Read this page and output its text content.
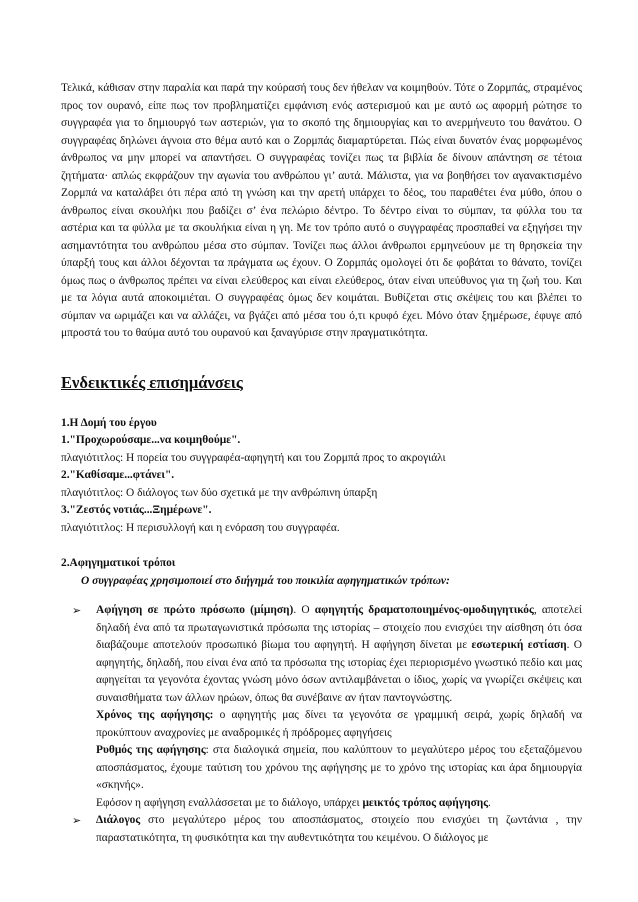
Τελικά, κάθισαν στην παραλία και παρά την κούρασή τους δεν ήθελαν να κοιμηθούν. Τότε ο Ζορμπάς, στραμένος προς τον ουρανό, είπε πως τον προβληματίζει εμφάνιση ενός αστερισμού και με αυτό ως αφορμή ρώτησε το συγγραφέα για το δημιουργό των αστεριών, για το σκοπό της δημιουργίας και το ανερμήνευτο του θανάτου. Ο συγγραφέας δηλώνει άγνοια στο θέμα αυτό και ο Ζορμπάς διαμαρτύρεται. Πώς είναι δυνατόν ένας μορφωμένος άνθρωπος να μην μπορεί να απαντήσει. Ο συγγραφέας τονίζει πως τα βιβλία δε δίνουν απάντηση σε τέτοια ζητήματα· απλώς εκφράζουν την αγωνία του ανθρώπου γι’ αυτά. Μάλιστα, για να βοηθήσει τον αγανακτισμένο Ζορμπά να καταλάβει ότι πέρα από τη γνώση και την αρετή υπάρχει το δέος, του παραθέτει ένα μύθο, όπου ο άνθρωπος είναι σκουλήκι που βαδίζει σ’ ένα πελώριο δέντρο. Το δέντρο είναι το σύμπαν, τα φύλλα του τα αστέρια και τα φύλλα με τα σκουλήκια είναι η γη. Με τον τρόπο αυτό ο συγγραφέας προσπαθεί να εξηγήσει την ασημαντότητα του ανθρώπου μέσα στο σύμπαν. Τονίζει πως άλλοι άνθρωποι ερμηνεύουν με τη θρησκεία την ύπαρξή τους και άλλοι δέχονται τα πράγματα ως έχουν. Ο Ζορμπάς ομολογεί ότι δε φοβάται το θάνατο, τονίζει όμως πως ο άνθρωπος πρέπει να είναι ελεύθερος και είναι ελεύθερος, όταν είναι υπεύθυνος για τη ζωή του. Και με τα λόγια αυτά αποκοιμιέται. Ο συγγραφέας όμως δεν κοιμάται. Βυθίζεται στις σκέψεις του και βλέπει το σύμπαν να ωριμάζει και να αλλάζει, να βγάζει από μέσα του ό,τι κρυφό έχει. Μόνο όταν ξημέρωσε, έφυγε από μπροστά του το θαύμα αυτό του ουρανού και ξαναγύρισε στην πραγματικότητα.

Ενδεικτικές επισημάνσεις

1.Η Δομή του έργου

1."Προχωρούσαμε...να κοιμηθούμε".

πλαγιότιτλος: Η πορεία του συγγραφέα-αφηγητή και του Ζορμπά προς το ακρογιάλι

2."Καθίσαμε...φτάνει".

πλαγιότιτλος: Ο διάλογος των δύο σχετικά με την ανθρώπινη ύπαρξη

3."Ζεστός νοτιάς...Ξημέρωνε".

πλαγιότιτλος: Η περισυλλογή και η ενόραση του συγγραφέα.

2.Αφηγηματικοί τρόποι

Ο συγγραφέας χρησιμοποιεί στο διήγημά του ποικιλία αφηγηματικών τρόπων:

➢	Αφήγηση σε πρώτο πρόσωπο (μίμηση). Ο αφηγητής δραματοποιημένος-ομοδιηγητικός, αποτελεί δηλαδή ένα από τα πρωταγωνιστικά πρόσωπα της ιστορίας – στοιχείο που ενισχύει την αίσθηση ότι όσα διαβάζουμε αποτελούν προσωπικό βίωμα του αφηγητή. Η αφήγηση δίνεται με εσωτερική εστίαση. Ο αφηγητής, δηλαδή, που είναι ένα από τα πρόσωπα της ιστορίας έχει περιορισμένο γνωστικό πεδίο και μας αφηγείται τα γεγονότα έχοντας γνώση μόνο όσων αντιλαμβάνεται ο ίδιος, χωρίς να γνωρίζει σκέψεις και συναισθήματα των άλλων ηρώων, όπως θα συνέβαινε αν ήταν παντογνώστης.

Χρόνος της αφήγησης: ο αφηγητής μας δίνει τα γεγονότα σε γραμμική σειρά, χωρίς δηλαδή να προκύπτουν αναχρονίες με αναδρομικές ή πρόδρομες αφηγήσεις

Ρυθμός της αφήγησης: στα διαλογικά σημεία, που καλύπτουν το μεγαλύτερο μέρος του εξεταζόμενου αποσπάσματος, έχουμε ταύτιση του χρόνου της αφήγησης με το χρόνο της ιστορίας και άρα δημιουργία «σκηνής».

Εφόσον η αφήγηση εναλλάσσεται με το διάλογο, υπάρχει μεικτός τρόπος αφήγησης.

➢	Διάλογος στο μεγαλύτερο μέρος του αποσπάσματος, στοιχείο που ενισχύει τη ζωντάνια , την παραστατικότητα, τη φυσικότητα και την αυθεντικότητα του κειμένου. Ο διάλογος με
